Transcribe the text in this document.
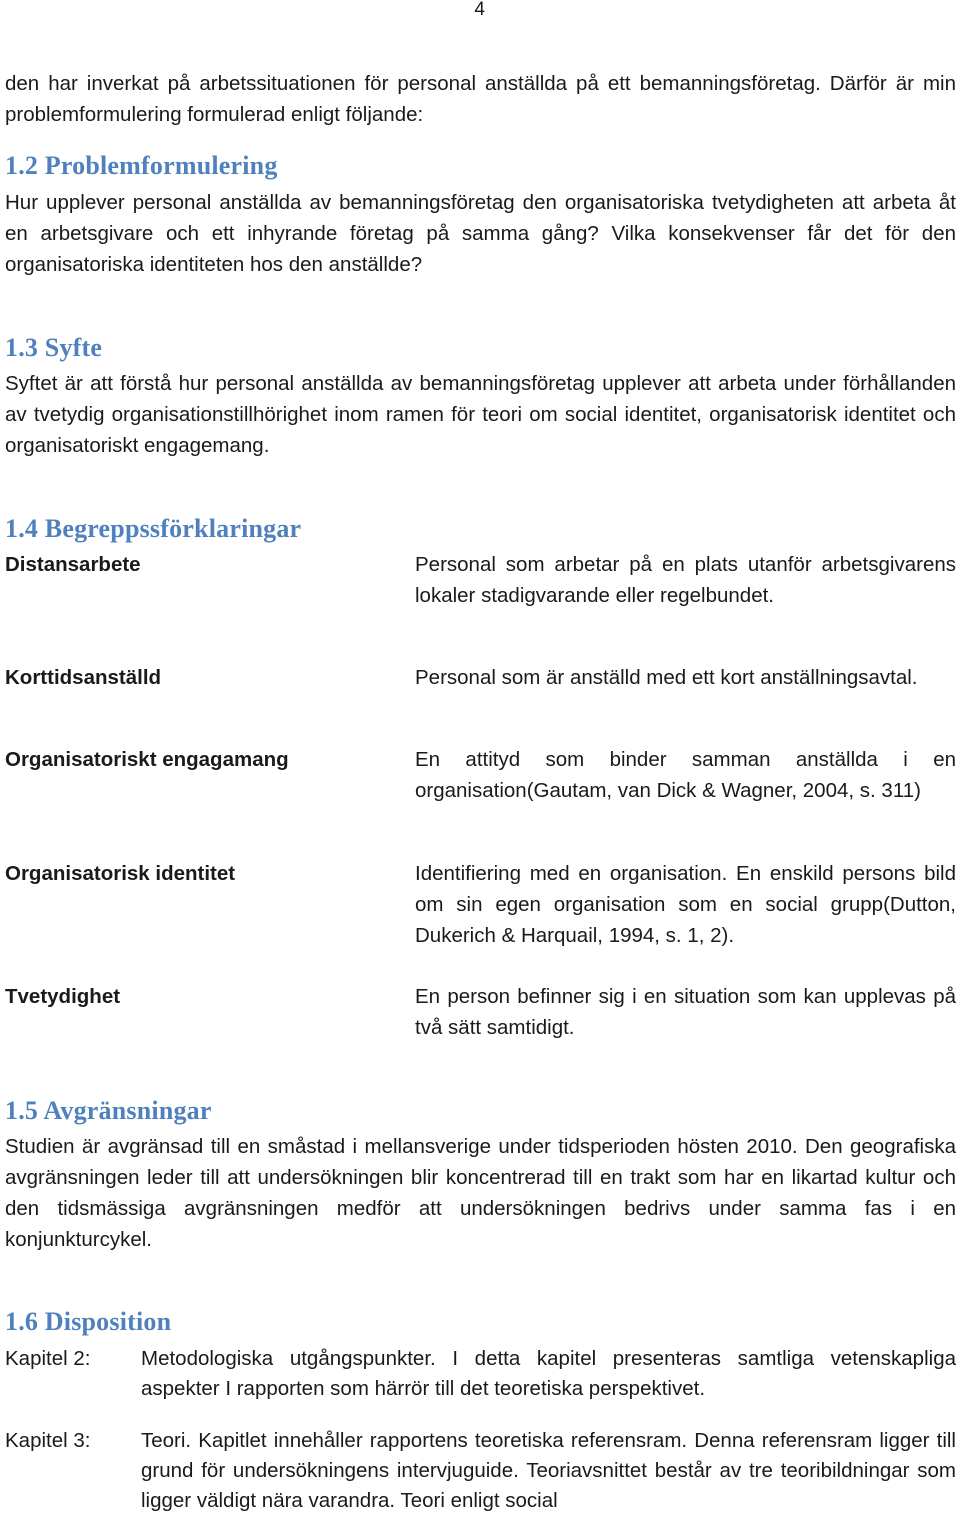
4
den har inverkat på arbetssituationen för personal anställda på ett bemanningsföretag. Därför är min problemformulering formulerad enligt följande:
1.2 Problemformulering
Hur upplever personal anställda av bemanningsföretag den organisatoriska tvetydigheten att arbeta åt en arbetsgivare och ett inhyrande företag på samma gång? Vilka konsekvenser får det för den organisatoriska identiteten hos den anställde?
1.3 Syfte
Syftet är att förstå hur personal anställda av bemanningsföretag upplever att arbeta under förhållanden av tvetydig organisationstillhörighet inom ramen för teori om social identitet, organisatorisk identitet och organisatoriskt engagemang.
1.4 Begreppssförklaringar
Distansarbete	Personal som arbetar på en plats utanför arbetsgivarens lokaler stadigvarande eller regelbundet.
Korttidsanställd	Personal som är anställd med ett kort anställningsavtal.
Organisatoriskt engagamang	En attityd som binder samman anställda i en organisation(Gautam, van Dick & Wagner, 2004, s. 311)
Organisatorisk identitet	Identifiering med en organisation. En enskild persons bild om sin egen organisation som en social grupp(Dutton, Dukerich & Harquail, 1994, s. 1, 2).
Tvetydighet	En person befinner sig i en situation som kan upplevas på två sätt samtidigt.
1.5 Avgränsningar
Studien är avgränsad till en småstad i mellansverige under tidsperioden hösten 2010. Den geografiska avgränsningen leder till att undersökningen blir koncentrerad till en trakt som har en likartad kultur och den tidsmässiga avgränsningen medför att undersökningen bedrivs under samma fas i en konjunkturcykel.
1.6 Disposition
Kapitel 2: Metodologiska utgångspunkter. I detta kapitel presenteras samtliga vetenskapliga aspekter I rapporten som härrör till det teoretiska perspektivet.
Kapitel 3: Teori. Kapitlet innehåller rapportens teoretiska referensram. Denna referensram ligger till grund för undersökningens intervjuguide. Teoriavsnittet består av tre teoribildningar som ligger väldigt nära varandra. Teori enligt social
